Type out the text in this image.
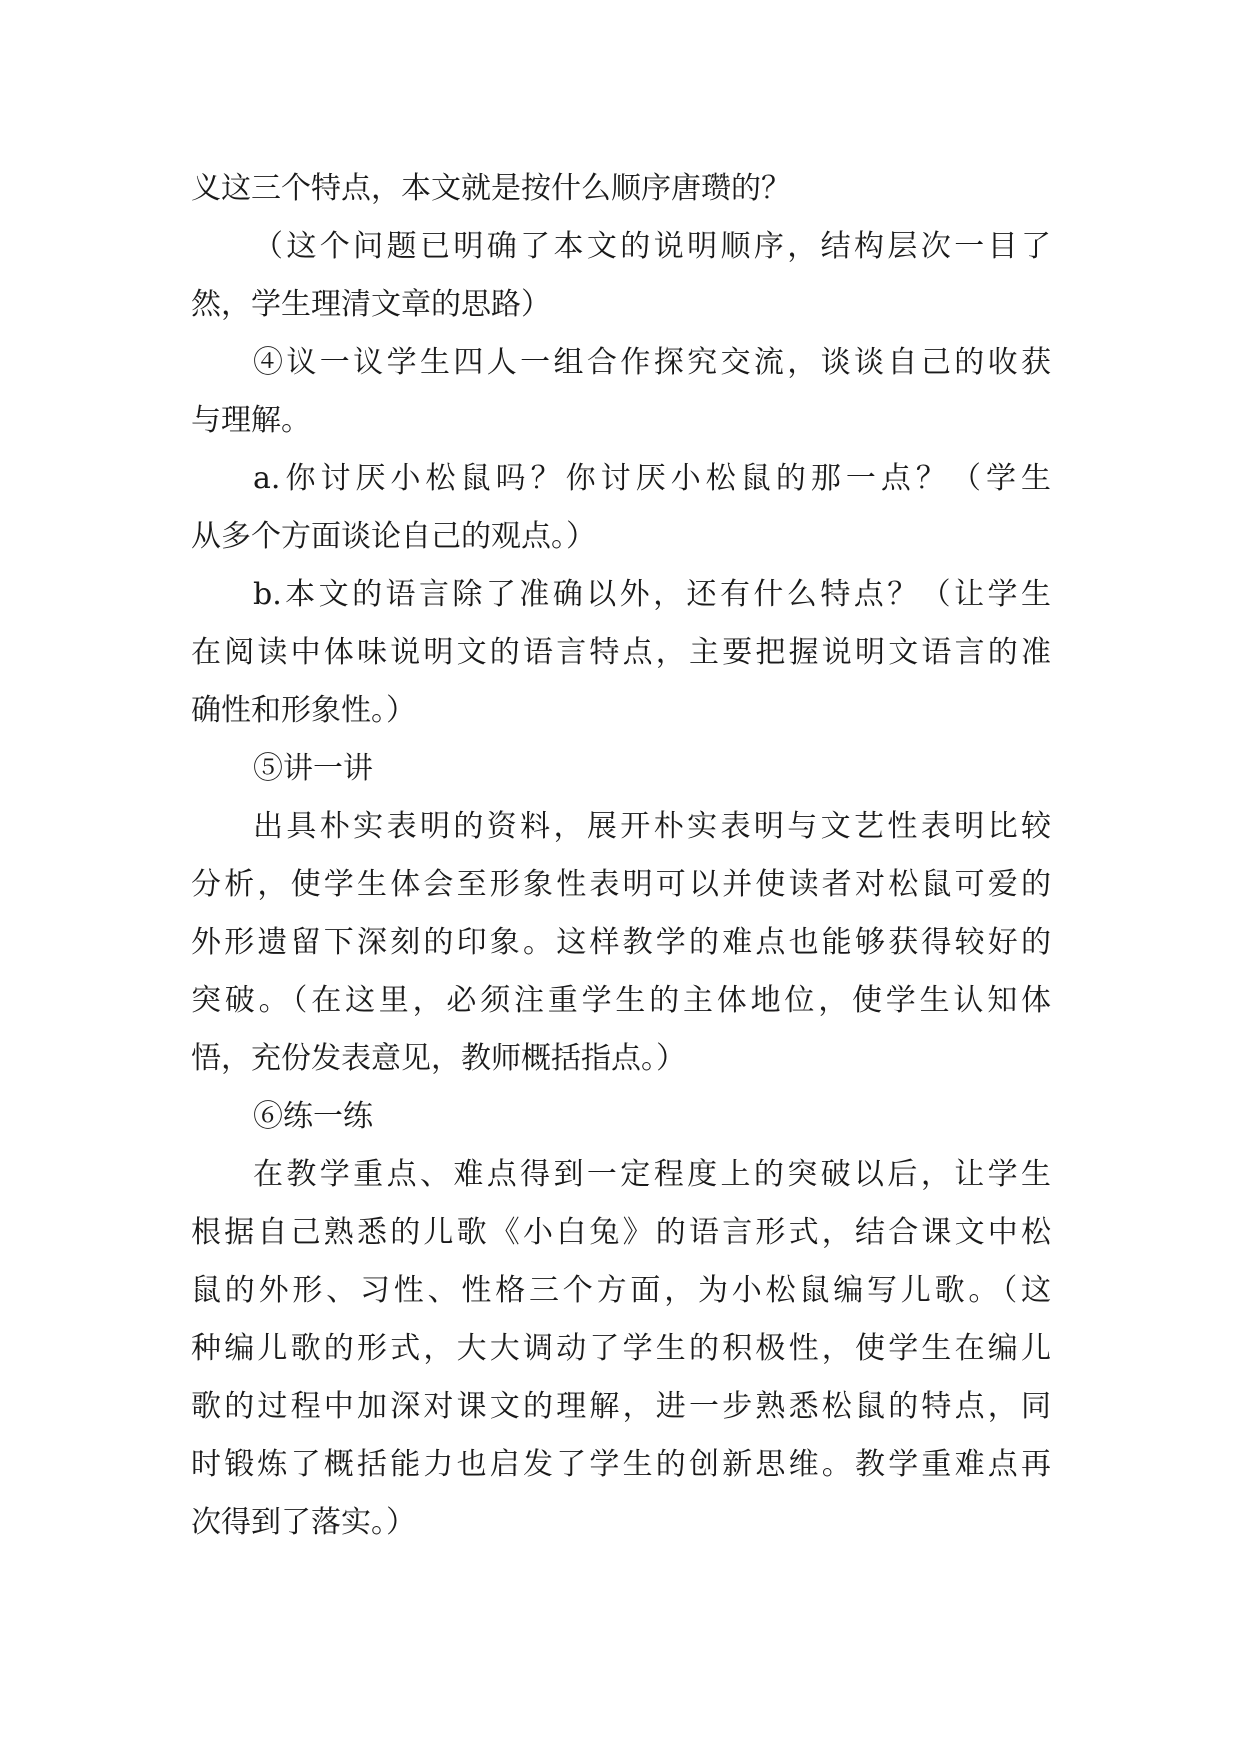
义这三个特点，本文就是按什么顺序唐瓒的？
（这个问题已明确了本文的说明顺序，结构层次一目了
然，学生理清文章的思路）
④议一议学生四人一组合作探究交流，谈谈自己的收获
与理解。
a.你讨厌小松鼠吗？你讨厌小松鼠的那一点？（学生
从多个方面谈论自己的观点。）
b.本文的语言除了准确以外，还有什么特点？（让学生
在阅读中体味说明文的语言特点，主要把握说明文语言的准
确性和形象性。）
⑤讲一讲
出具朴实表明的资料，展开朴实表明与文艺性表明比较
分析，使学生体会至形象性表明可以并使读者对松鼠可爱的
外形遗留下深刻的印象。这样教学的难点也能够获得较好的
突破。（在这里，必须注重学生的主体地位，使学生认知体
悟，充份发表意见，教师概括指点。）
⑥练一练
在教学重点、难点得到一定程度上的突破以后，让学生
根据自己熟悉的儿歌《小白兔》的语言形式，结合课文中松
鼠的外形、习性、性格三个方面，为小松鼠编写儿歌。（这
种编儿歌的形式，大大调动了学生的积极性，使学生在编儿
歌的过程中加深对课文的理解，进一步熟悉松鼠的特点，同
时锻炼了概括能力也启发了学生的创新思维。教学重难点再
次得到了落实。）
